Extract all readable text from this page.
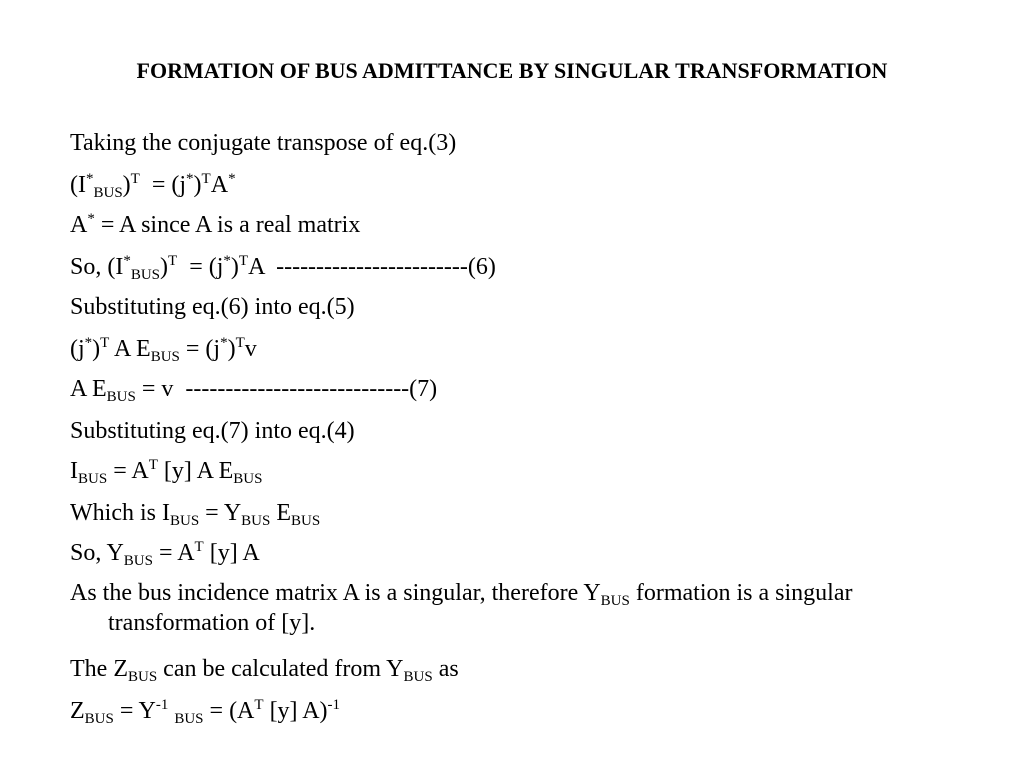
FORMATION OF BUS ADMITTANCE BY SINGULAR TRANSFORMATION
Taking the conjugate transpose of eq.(3)
$(I^*_{BUS})^T = (j^*)^TA^*$
A* = A since A is a real matrix
So, $(I^*_{BUS})^T = (j^*)^TA$  ------------------------(6)
Substituting eq.(6) into eq.(5)
$(j^*)^T$ A $E_{BUS} = (j^*)^Tv$
A $E_{BUS} = v$  ----------------------------(7)
Substituting eq.(7) into eq.(4)
$I_{BUS} = A^T$ [y] A $E_{BUS}$
Which is $I_{BUS} = Y_{BUS}$ $E_{BUS}$
So, $Y_{BUS} = A^T$ [y] A
As the bus incidence matrix A is a singular, therefore $Y_{BUS}$ formation is a singular transformation of [y].
The $Z_{BUS}$ can be calculated from $Y_{BUS}$ as
$Z_{BUS} = Y^{-1}_{BUS} = (A^T$ [y] A)$^{-1}$
